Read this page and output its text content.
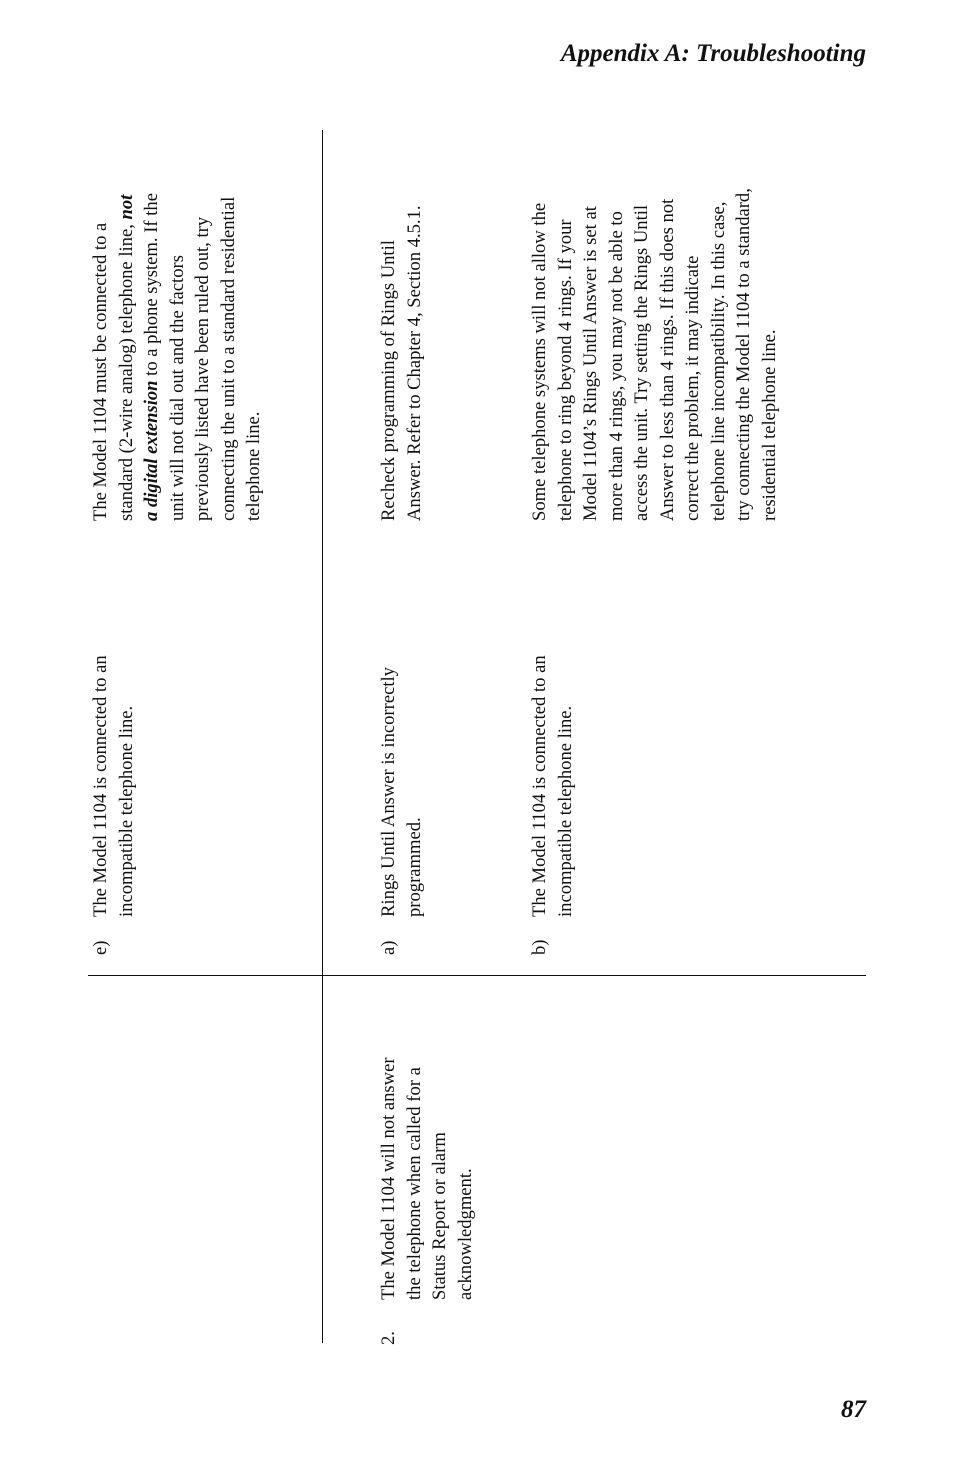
Appendix A: Troubleshooting
e)
The Model 1104 is connected to an incompatible telephone line.
The Model 1104 must be connected to a standard (2-wire analog) telephone line, not
a digital extension to a phone system. If the unit will not dial out and the factors previously listed have been ruled out, try connecting the unit to a standard residential telephone line.
2.
The Model 1104 will not answer the telephone when called for a Status Report or alarm acknowledgment.
a)
Rings Until Answer is incorrectly programmed.
Recheck programming of Rings Until Answer. Refer to Chapter 4, Section 4.5.1.
b)
The Model 1104 is connected to an incompatible telephone line.
Some telephone systems will not allow the telephone to ring beyond 4 rings. If your Model 1104’s Rings Until Answer is set at more than 4 rings, you may not be able to access the unit. Try setting the Rings Until Answer to less than 4 rings. If this does not correct the problem, it may indicate telephone line incompatibility. In this case, try connecting the Model 1104 to a standard, residential telephone line.
87
